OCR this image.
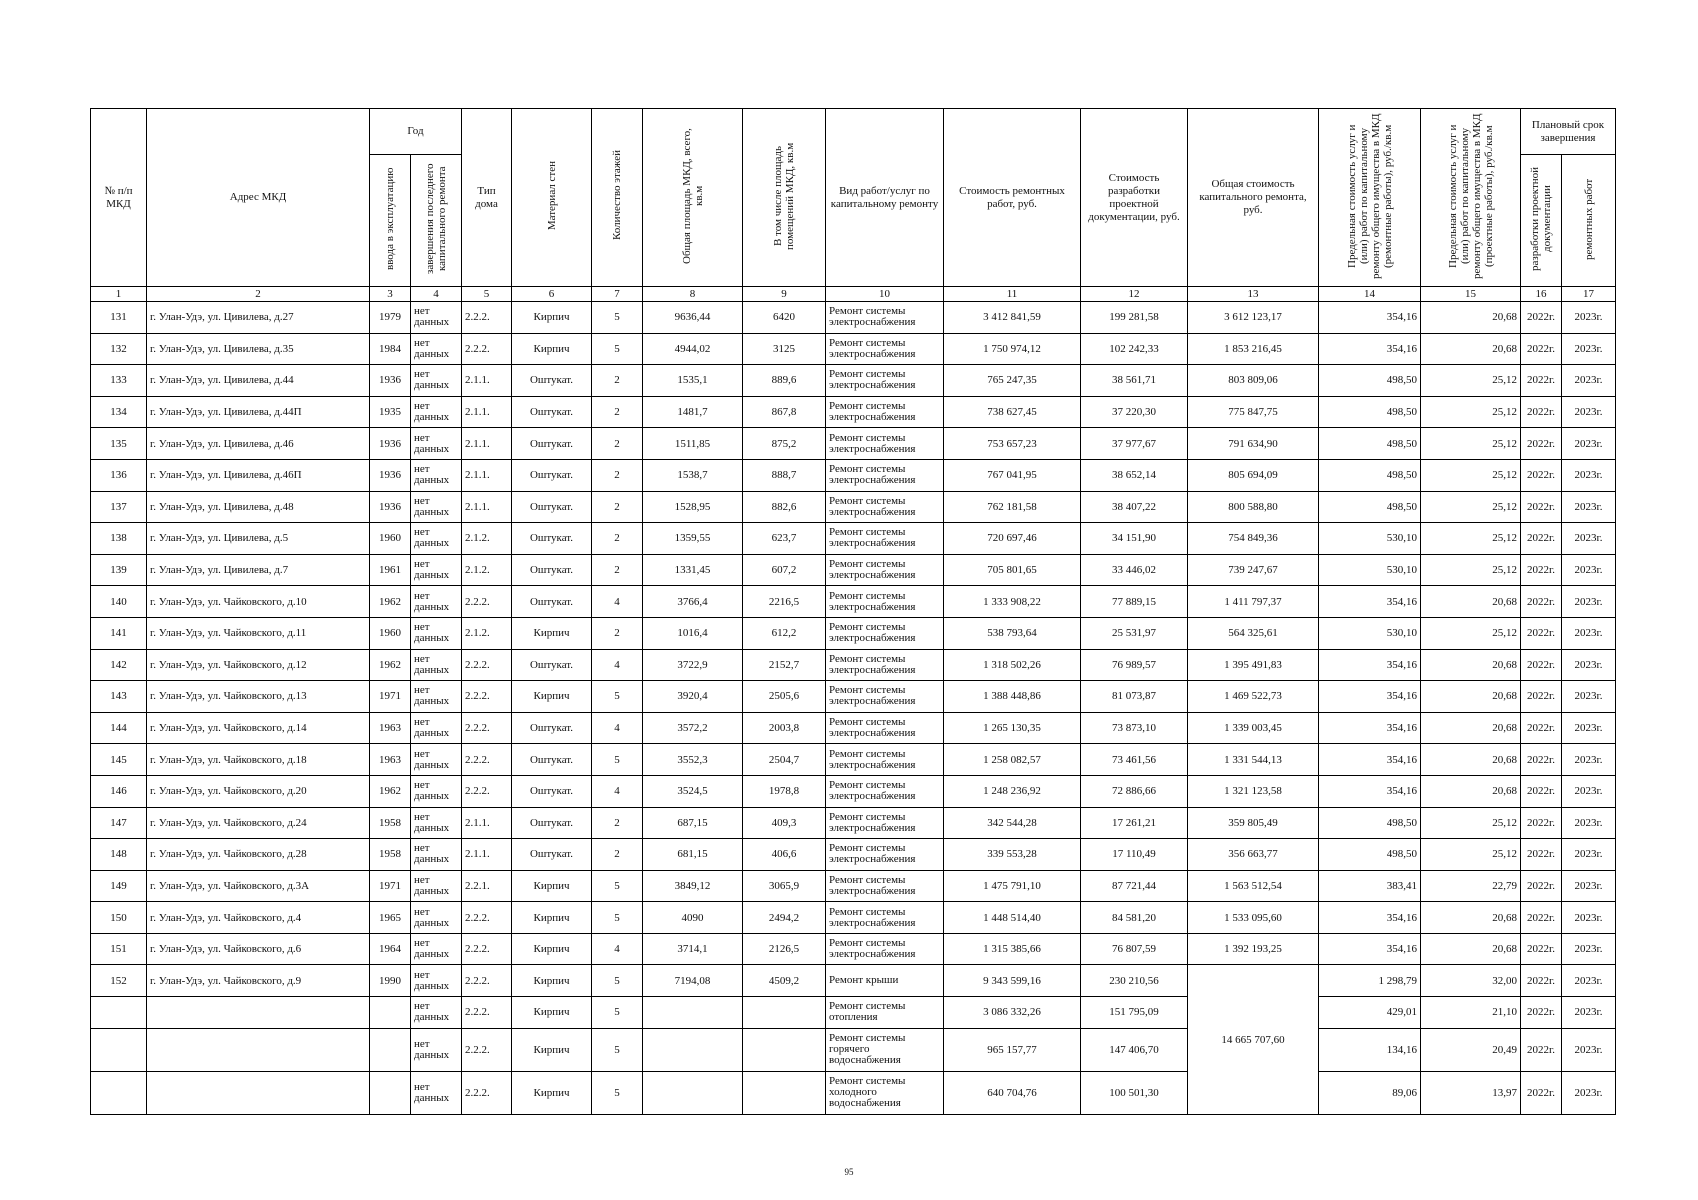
№ п/п МКД	Адрес МКД	Год		Тип дома	Материал стен	Количество этажей	Общая площадь МКД, всего, кв.м	В том числе площадь помещений МКД, кв.м	Вид работ/услуг по капитальному ремонту	Стоимость ремонтных работ, руб.	Стоимость разработки проектной документации, руб.	Общая стоимость капитального ремонта, руб.	Предельная стоимость услуг и (или) работ по капитальному ремонту общего имущества в МКД (ремонтные работы), руб./кв.м	Предельная стоимость услуг и (или) работ по капитальному ремонту общего имущества в МКД (проектные работы), руб./кв.м	Плановый срок завершения	
		ввода в эксплуатацию	завершения последнего капитального ремонта												разработки проектной документации	ремонтных работ
1	2	3	4	5	6	7	8	9	10	11	12	13	14	15	16	17
131	г. Улан-Удэ, ул. Цивилева, д.27	1979	нет данных	2.2.2.	Кирпич	5	9636,44	6420	Ремонт системы электроснабжения	3 412 841,59	199 281,58	3 612 123,17	354,16	20,68	2022г.	2023г.
132	г. Улан-Удэ, ул. Цивилева, д.35	1984	нет данных	2.2.2.	Кирпич	5	4944,02	3125	Ремонт системы электроснабжения	1 750 974,12	102 242,33	1 853 216,45	354,16	20,68	2022г.	2023г.
133	г. Улан-Удэ, ул. Цивилева, д.44	1936	нет данных	2.1.1.	Оштукат.	2	1535,1	889,6	Ремонт системы электроснабжения	765 247,35	38 561,71	803 809,06	498,50	25,12	2022г.	2023г.
134	г. Улан-Удэ, ул. Цивилева, д.44П	1935	нет данных	2.1.1.	Оштукат.	2	1481,7	867,8	Ремонт системы электроснабжения	738 627,45	37 220,30	775 847,75	498,50	25,12	2022г.	2023г.
135	г. Улан-Удэ, ул. Цивилева, д.46	1936	нет данных	2.1.1.	Оштукат.	2	1511,85	875,2	Ремонт системы электроснабжения	753 657,23	37 977,67	791 634,90	498,50	25,12	2022г.	2023г.
136	г. Улан-Удэ, ул. Цивилева, д.46П	1936	нет данных	2.1.1.	Оштукат.	2	1538,7	888,7	Ремонт системы электроснабжения	767 041,95	38 652,14	805 694,09	498,50	25,12	2022г.	2023г.
137	г. Улан-Удэ, ул. Цивилева, д.48	1936	нет данных	2.1.1.	Оштукат.	2	1528,95	882,6	Ремонт системы электроснабжения	762 181,58	38 407,22	800 588,80	498,50	25,12	2022г.	2023г.
138	г. Улан-Удэ, ул. Цивилева, д.5	1960	нет данных	2.1.2.	Оштукат.	2	1359,55	623,7	Ремонт системы электроснабжения	720 697,46	34 151,90	754 849,36	530,10	25,12	2022г.	2023г.
139	г. Улан-Удэ, ул. Цивилева, д.7	1961	нет данных	2.1.2.	Оштукат.	2	1331,45	607,2	Ремонт системы электроснабжения	705 801,65	33 446,02	739 247,67	530,10	25,12	2022г.	2023г.
140	г. Улан-Удэ, ул. Чайковского, д.10	1962	нет данных	2.2.2.	Оштукат.	4	3766,4	2216,5	Ремонт системы электроснабжения	1 333 908,22	77 889,15	1 411 797,37	354,16	20,68	2022г.	2023г.
141	г. Улан-Удэ, ул. Чайковского, д.11	1960	нет данных	2.1.2.	Кирпич	2	1016,4	612,2	Ремонт системы электроснабжения	538 793,64	25 531,97	564 325,61	530,10	25,12	2022г.	2023г.
142	г. Улан-Удэ, ул. Чайковского, д.12	1962	нет данных	2.2.2.	Оштукат.	4	3722,9	2152,7	Ремонт системы электроснабжения	1 318 502,26	76 989,57	1 395 491,83	354,16	20,68	2022г.	2023г.
143	г. Улан-Удэ, ул. Чайковского, д.13	1971	нет данных	2.2.2.	Кирпич	5	3920,4	2505,6	Ремонт системы электроснабжения	1 388 448,86	81 073,87	1 469 522,73	354,16	20,68	2022г.	2023г.
144	г. Улан-Удэ, ул. Чайковского, д.14	1963	нет данных	2.2.2.	Оштукат.	4	3572,2	2003,8	Ремонт системы электроснабжения	1 265 130,35	73 873,10	1 339 003,45	354,16	20,68	2022г.	2023г.
145	г. Улан-Удэ, ул. Чайковского, д.18	1963	нет данных	2.2.2.	Оштукат.	5	3552,3	2504,7	Ремонт системы электроснабжения	1 258 082,57	73 461,56	1 331 544,13	354,16	20,68	2022г.	2023г.
146	г. Улан-Удэ, ул. Чайковского, д.20	1962	нет данных	2.2.2.	Оштукат.	4	3524,5	1978,8	Ремонт системы электроснабжения	1 248 236,92	72 886,66	1 321 123,58	354,16	20,68	2022г.	2023г.
147	г. Улан-Удэ, ул. Чайковского, д.24	1958	нет данных	2.1.1.	Оштукат.	2	687,15	409,3	Ремонт системы электроснабжения	342 544,28	17 261,21	359 805,49	498,50	25,12	2022г.	2023г.
148	г. Улан-Удэ, ул. Чайковского, д.28	1958	нет данных	2.1.1.	Оштукат.	2	681,15	406,6	Ремонт системы электроснабжения	339 553,28	17 110,49	356 663,77	498,50	25,12	2022г.	2023г.
149	г. Улан-Удэ, ул. Чайковского, д.3А	1971	нет данных	2.2.1.	Кирпич	5	3849,12	3065,9	Ремонт системы электроснабжения	1 475 791,10	87 721,44	1 563 512,54	383,41	22,79	2022г.	2023г.
150	г. Улан-Удэ, ул. Чайковского, д.4	1965	нет данных	2.2.2.	Кирпич	5	4090	2494,2	Ремонт системы электроснабжения	1 448 514,40	84 581,20	1 533 095,60	354,16	20,68	2022г.	2023г.
151	г. Улан-Удэ, ул. Чайковского, д.6	1964	нет данных	2.2.2.	Кирпич	4	3714,1	2126,5	Ремонт системы электроснабжения	1 315 385,66	76 807,59	1 392 193,25	354,16	20,68	2022г.	2023г.
152	г. Улан-Удэ, ул. Чайковского, д.9	1990	нет данных	2.2.2.	Кирпич	5	7194,08	4509,2	Ремонт крыши	9 343 599,16	230 210,56	14 665 707,60	1 298,79	32,00	2022г.	2023г.
			нет данных	2.2.2.	Кирпич	5			Ремонт системы отопления	3 086 332,26	151 795,09		429,01	21,10	2022г.	2023г.
			нет данных	2.2.2.	Кирпич	5			Ремонт системы горячего водоснабжения	965 157,77	147 406,70		134,16	20,49	2022г.	2023г.
			нет данных	2.2.2.	Кирпич	5			Ремонт системы холодного водоснабжения	640 704,76	100 501,30		89,06	13,97	2022г.	2023г.
95
